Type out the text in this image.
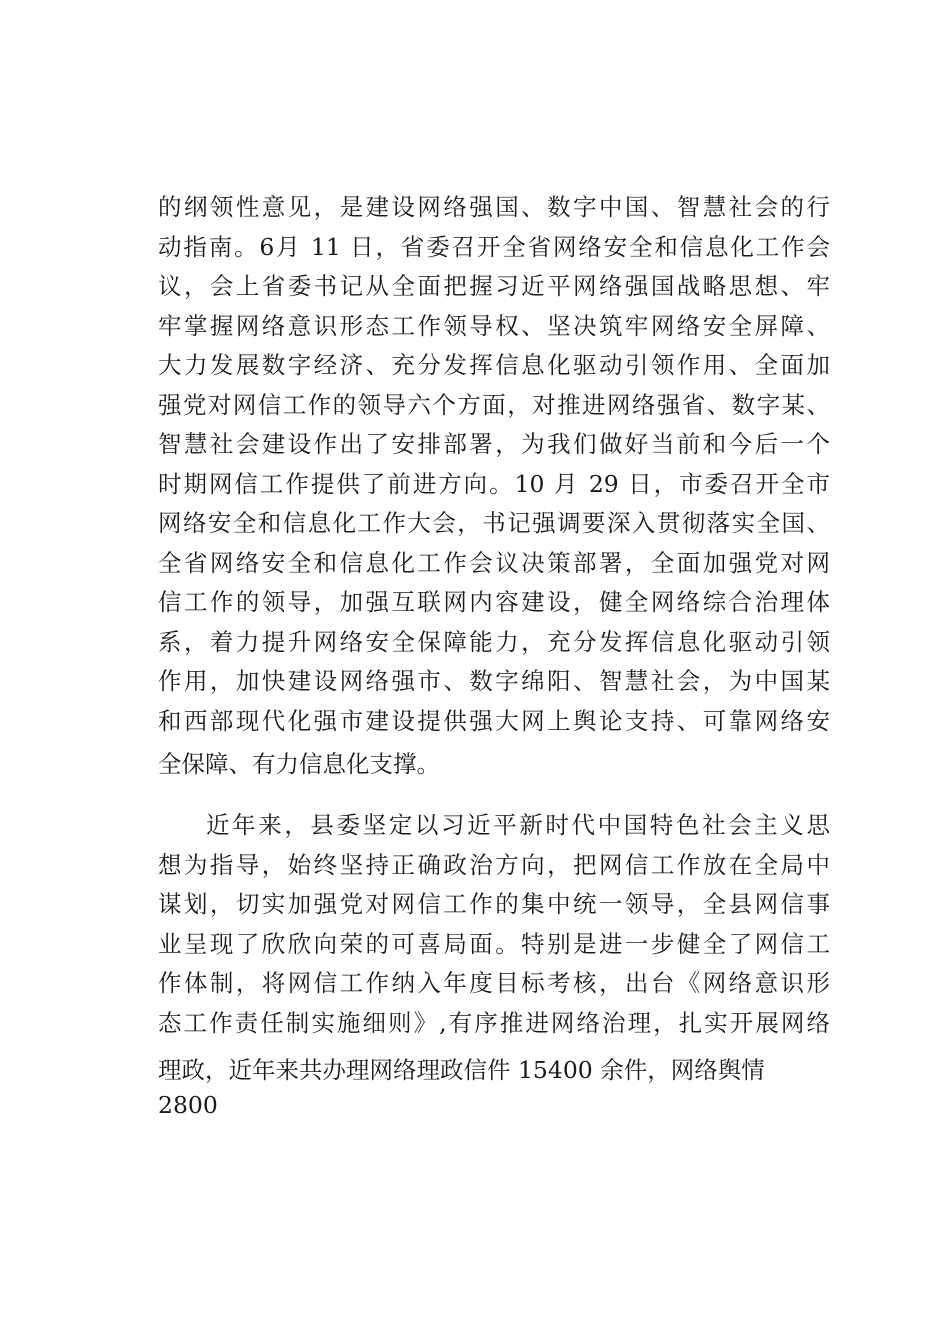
的纲领性意见，是建设网络强国、数字中国、智慧社会的行
动指南。6月 11 日，省委召开全省网络安全和信息化工作会
议，会上省委书记从全面把握习近平网络强国战略思想、牢
牢掌握网络意识形态工作领导权、坚决筑牢网络安全屏障、
大力发展数字经济、充分发挥信息化驱动引领作用、全面加
强党对网信工作的领导六个方面，对推进网络强省、数字某、
智慧社会建设作出了安排部署，为我们做好当前和今后一个
时期网信工作提供了前进方向。10 月 29 日，市委召开全市
网络安全和信息化工作大会，书记强调要深入贯彻落实全国、
全省网络安全和信息化工作会议决策部署，全面加强党对网
信工作的领导，加强互联网内容建设，健全网络综合治理体
系，着力提升网络安全保障能力，充分发挥信息化驱动引领
作用，加快建设网络强市、数字绵阳、智慧社会，为中国某
和西部现代化强市建设提供强大网上舆论支持、可靠网络安
全保障、有力信息化支撑。
近年来，县委坚定以习近平新时代中国特色社会主义思
想为指导，始终坚持正确政治方向，把网信工作放在全局中
谋划，切实加强党对网信工作的集中统一领导，全县网信事
业呈现了欣欣向荣的可喜局面。特别是进一步健全了网信工
作体制，将网信工作纳入年度目标考核，出台《网络意识形
态工作责任制实施细则》,有序推进网络治理，扎实开展网络
理政，近年来共办理网络理政信件 15400 余件，网络舆情
2800
